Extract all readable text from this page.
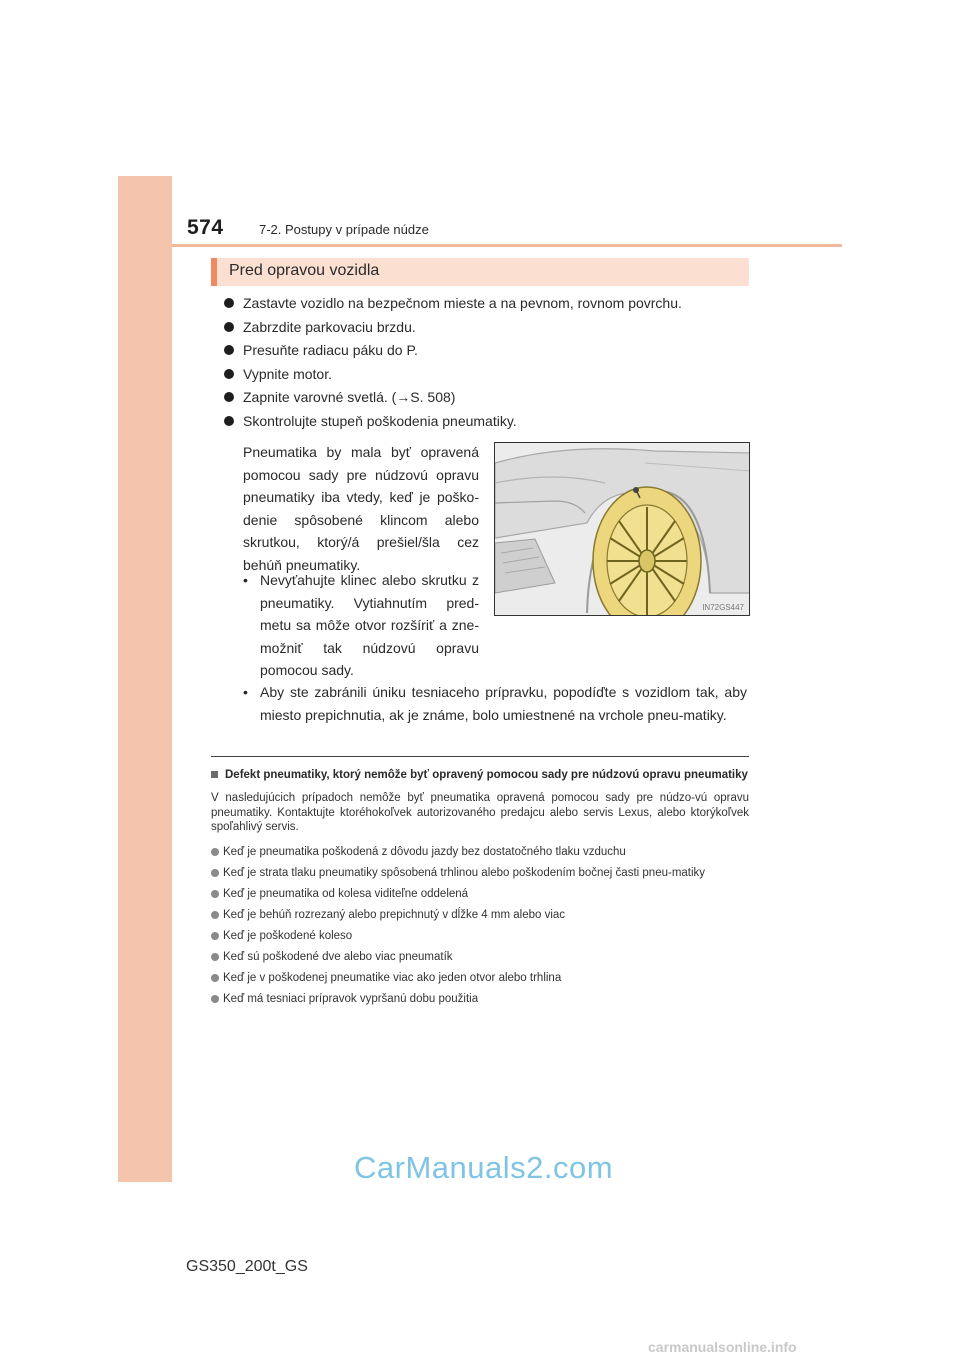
574	7-2. Postupy v prípade núdze
Pred opravou vozidla
Zastavte vozidlo na bezpečnom mieste a na pevnom, rovnom povrchu.
Zabrzdite parkovaciu brzdu.
Presuňte radiacu páku do P.
Vypnite motor.
Zapnite varovné svetlá. (→S. 508)
Skontrolujte stupeň poškodenia pneumatiky.
Pneumatika by mala byť opravená pomocou sady pre núdzovú opravu pneumatiky iba vtedy, keď je poško-denie spôsobené klincom alebo skrutkou, ktorý/á prešiel/šla cez behúň pneumatiky.
• Nevyťahujte klinec alebo skrutku z pneumatiky. Vytiahnutím pred-metu sa môže otvor rozšíriť a zne-možniť tak núdzovú opravu pomocou sady.
• Aby ste zabránili úniku tesniaceho prípravku, popodíďte s vozidlom tak, aby miesto prepichnutia, ak je známe, bolo umiestnené na vrchole pneu-matiky.
IN72GS447
Defekt pneumatiky, ktorý nemôže byť opravený pomocou sady pre núdzovú opravu pneumatiky
V nasledujúcich prípadoch nemôže byť pneumatika opravená pomocou sady pre núdzo-vú opravu pneumatiky. Kontaktujte ktoréhokoľvek autorizovaného predajcu alebo servis Lexus, alebo ktorýkoľvek spoľahlivý servis.
Keď je pneumatika poškodená z dôvodu jazdy bez dostatočného tlaku vzduchu
Keď je strata tlaku pneumatiky spôsobená trhlinou alebo poškodením bočnej časti pneu-matiky
Keď je pneumatika od kolesa viditeľne oddelená
Keď je behúň rozrezaný alebo prepichnutý v dĺžke 4 mm alebo viac
Keď je poškodené koleso
Keď sú poškodené dve alebo viac pneumatík
Keď je v poškodenej pneumatike viac ako jeden otvor alebo trhlina
Keď má tesniaci prípravok vypršanú dobu použitia
CarManuals2.com
GS350_200t_GS
carmanualsonline.info
